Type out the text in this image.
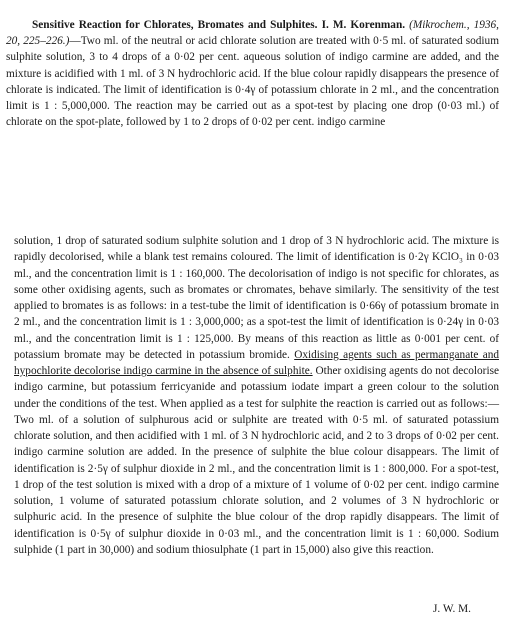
Sensitive Reaction for Chlorates, Bromates and Sulphites. I. M. Korenman. (Mikrochem., 1936, 20, 225–226.)—Two ml. of the neutral or acid chlorate solution are treated with 0·5 ml. of saturated sodium sulphite solution, 3 to 4 drops of a 0·02 per cent. aqueous solution of indigo carmine are added, and the mixture is acidified with 1 ml. of 3 N hydrochloric acid. If the blue colour rapidly disappears the presence of chlorate is indicated. The limit of identification is 0·4γ of potassium chlorate in 2 ml., and the concentration limit is 1 : 5,000,000. The reaction may be carried out as a spot-test by placing one drop (0·03 ml.) of chlorate on the spot-plate, followed by 1 to 2 drops of 0·02 per cent. indigo carmine

solution, 1 drop of saturated sodium sulphite solution and 1 drop of 3 N hydrochloric acid. The mixture is rapidly decolorised, while a blank test remains coloured. The limit of identification is 0·2γ KClO₃ in 0·03 ml., and the concentration limit is 1 : 160,000. The decolorisation of indigo is not specific for chlorates, as some other oxidising agents, such as bromates or chromates, behave similarly. The sensitivity of the test applied to bromates is as follows: in a test-tube the limit of identification is 0·66γ of potassium bromate in 2 ml., and the concentration limit is 1 : 3,000,000; as a spot-test the limit of identification is 0·24γ in 0·03 ml., and the concentration limit is 1 : 125,000. By means of this reaction as little as 0·001 per cent. of potassium bromate may be detected in potassium bromide. Oxidising agents such as permanganate and hypochlorite decolorise indigo carmine in the absence of sulphite. Other oxidising agents do not decolorise indigo carmine, but potassium ferricyanide and potassium iodate impart a green colour to the solution under the conditions of the test. When applied as a test for sulphite the reaction is carried out as follows:—Two ml. of a solution of sulphurous acid or sulphite are treated with 0·5 ml. of saturated potassium chlorate solution, and then acidified with 1 ml. of 3 N hydrochloric acid, and 2 to 3 drops of 0·02 per cent. indigo carmine solution are added. In the presence of sulphite the blue colour disappears. The limit of identification is 2·5γ of sulphur dioxide in 2 ml., and the concentration limit is 1 : 800,000. For a spot-test, 1 drop of the test solution is mixed with a drop of a mixture of 1 volume of 0·02 per cent. indigo carmine solution, 1 volume of saturated potassium chlorate solution, and 2 volumes of 3 N hydrochloric or sulphuric acid. In the presence of sulphite the blue colour of the drop rapidly disappears. The limit of identification is 0·5γ of sulphur dioxide in 0·03 ml., and the concentration limit is 1 : 60,000. Sodium sulphide (1 part in 30,000) and sodium thiosulphate (1 part in 15,000) also give this reaction.

J. W. M.
